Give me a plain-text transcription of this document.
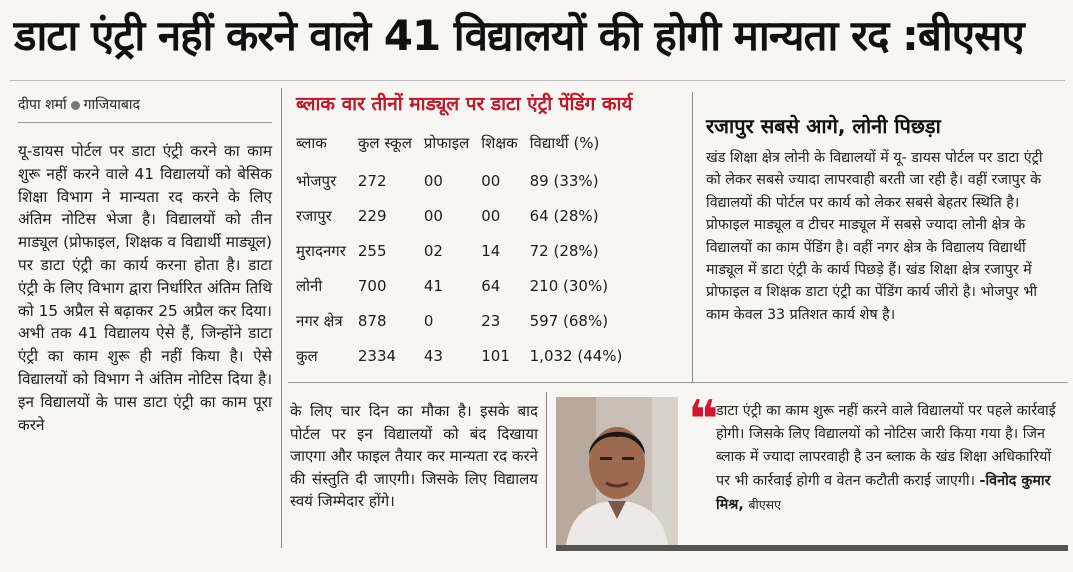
डाटा एंट्री नहीं करने वाले 41 विद्यालयों की होगी मान्यता रद :बीएसए
दीपा शर्मा गाजियाबाद

यू-डायस पोर्टल पर डाटा एंट्री करने का काम शुरू नहीं करने वाले 41 विद्यालयों को बेसिक शिक्षा विभाग ने मान्यता रद करने के लिए अंतिम नोटिस भेजा है। विद्यालयों को तीन माड्यूल (प्रोफाइल, शिक्षक व विद्यार्थी माड्यूल) पर डाटा एंट्री का कार्य करना होता है। डाटा एंट्री के लिए विभाग द्वारा निर्धारित अंतिम तिथि को 15 अप्रैल से बढ़ाकर 25 अप्रैल कर दिया। अभी तक 41 विद्यालय ऐसे हैं, जिन्होंने डाटा एंट्री का काम शुरू ही नहीं किया है। ऐसे विद्यालयों को विभाग ने अंतिम नोटिस दिया है। इन विद्यालयों के पास डाटा एंट्री का काम पूरा करने

ब्लाक वार तीनों माड्यूल पर डाटा एंट्री पेंडिंग कार्य
ब्लाक	कुल स्कूल	प्रोफाइल	शिक्षक	विद्यार्थी (%)
भोजपुर	272	00	00	89 (33%)
रजापुर	229	00	00	64 (28%)
मुरादनगर	255	02	14	72 (28%)
लोनी	700	41	64	210 (30%)
नगर क्षेत्र	878	0	23	597 (68%)
कुल	2334	43	101	1,032 (44%)
रजापुर सबसे आगे, लोनी पिछड़ा

खंड शिक्षा क्षेत्र लोनी के विद्यालयों में यू- डायस पोर्टल पर डाटा एंट्री को लेकर सबसे ज्यादा लापरवाही बरती जा रही है। वहीं रजापुर के विद्यालयों की पोर्टल पर कार्य को लेकर सबसे बेहतर स्थिति है। प्रोफाइल माड्यूल व टीचर माड्यूल में सबसे ज्यादा लोनी क्षेत्र के विद्यालयों का काम पेंडिंग है। वहीं नगर क्षेत्र के विद्यालय विद्यार्थी माड्यूल में डाटा एंट्री के कार्य पिछड़े हैं। खंड शिक्षा क्षेत्र रजापुर में प्रोफाइल व शिक्षक डाटा एंट्री का पेंडिंग कार्य जीरो है। भोजपुर भी काम केवल 33 प्रतिशत कार्य शेष है।

के लिए चार दिन का मौका है। इसके बाद पोर्टल पर इन विद्यालयों को बंद दिखाया जाएगा और फाइल तैयार कर मान्यता रद करने की संस्तुति दी जाएगी। जिसके लिए विद्यालय स्वयं जिम्मेदार होंगे।

❝

डाटा एंट्री का काम शुरू नहीं करने वाले विद्यालयों पर पहले कार्रवाई होगी। जिसके लिए विद्यालयों को नोटिस जारी किया गया है। जिन ब्लाक में ज्यादा लापरवाही है उन ब्लाक के खंड शिक्षा अधिकारियों पर भी कार्रवाई होगी व वेतन कटौती कराई जाएगी। -विनोद कुमार मिश्र, बीएसए
